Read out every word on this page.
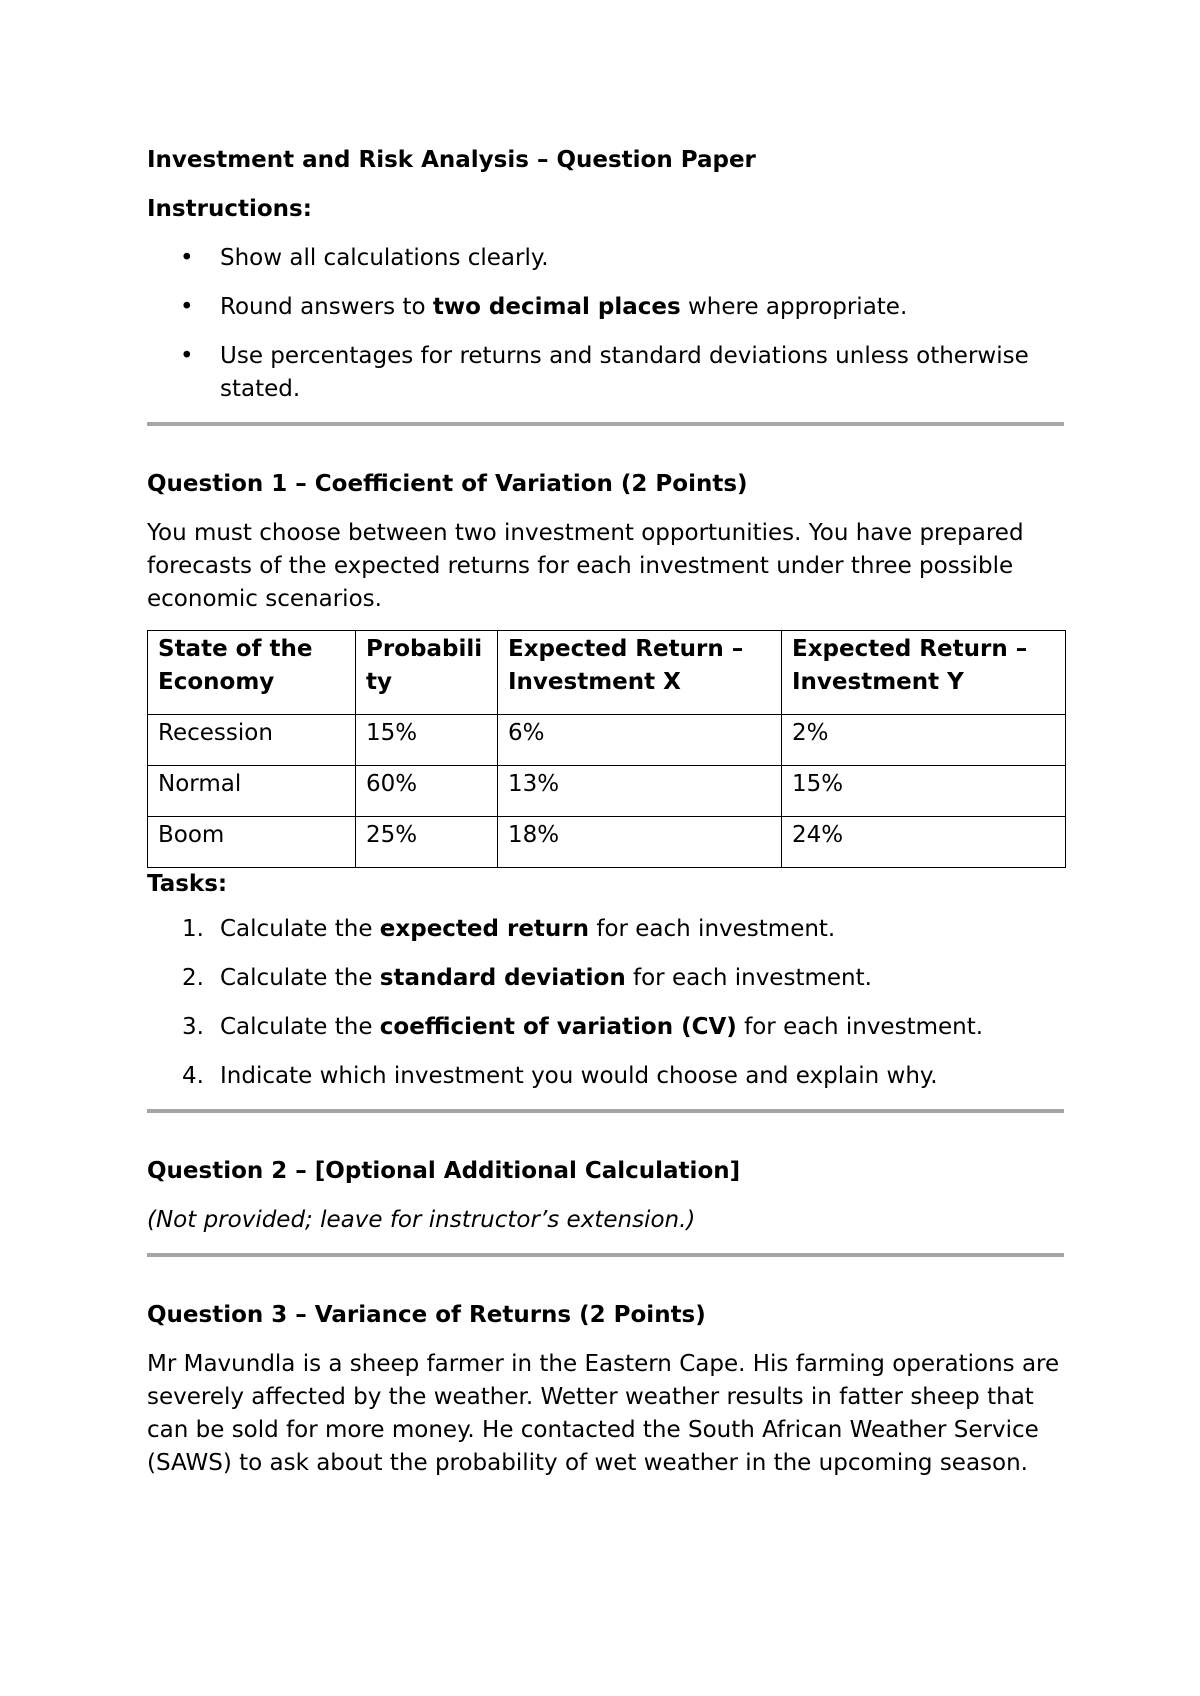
Investment and Risk Analysis – Question Paper

Instructions:

• Show all calculations clearly.
• Round answers to two decimal places where appropriate.
• Use percentages for returns and standard deviations unless otherwise stated.

Question 1 – Coefficient of Variation (2 Points)

You must choose between two investment opportunities. You have prepared forecasts of the expected returns for each investment under three possible economic scenarios.

State of the Economy	Probability	Expected Return – Investment X	Expected Return – Investment Y
Recession	15%	6%	2%
Normal	60%	13%	15%
Boom	25%	18%	24%

Tasks:

1. Calculate the expected return for each investment.
2. Calculate the standard deviation for each investment.
3. Calculate the coefficient of variation (CV) for each investment.
4. Indicate which investment you would choose and explain why.

Question 2 – [Optional Additional Calculation]

(Not provided; leave for instructor’s extension.)

Question 3 – Variance of Returns (2 Points)

Mr Mavundla is a sheep farmer in the Eastern Cape. His farming operations are severely affected by the weather. Wetter weather results in fatter sheep that can be sold for more money. He contacted the South African Weather Service (SAWS) to ask about the probability of wet weather in the upcoming season.
